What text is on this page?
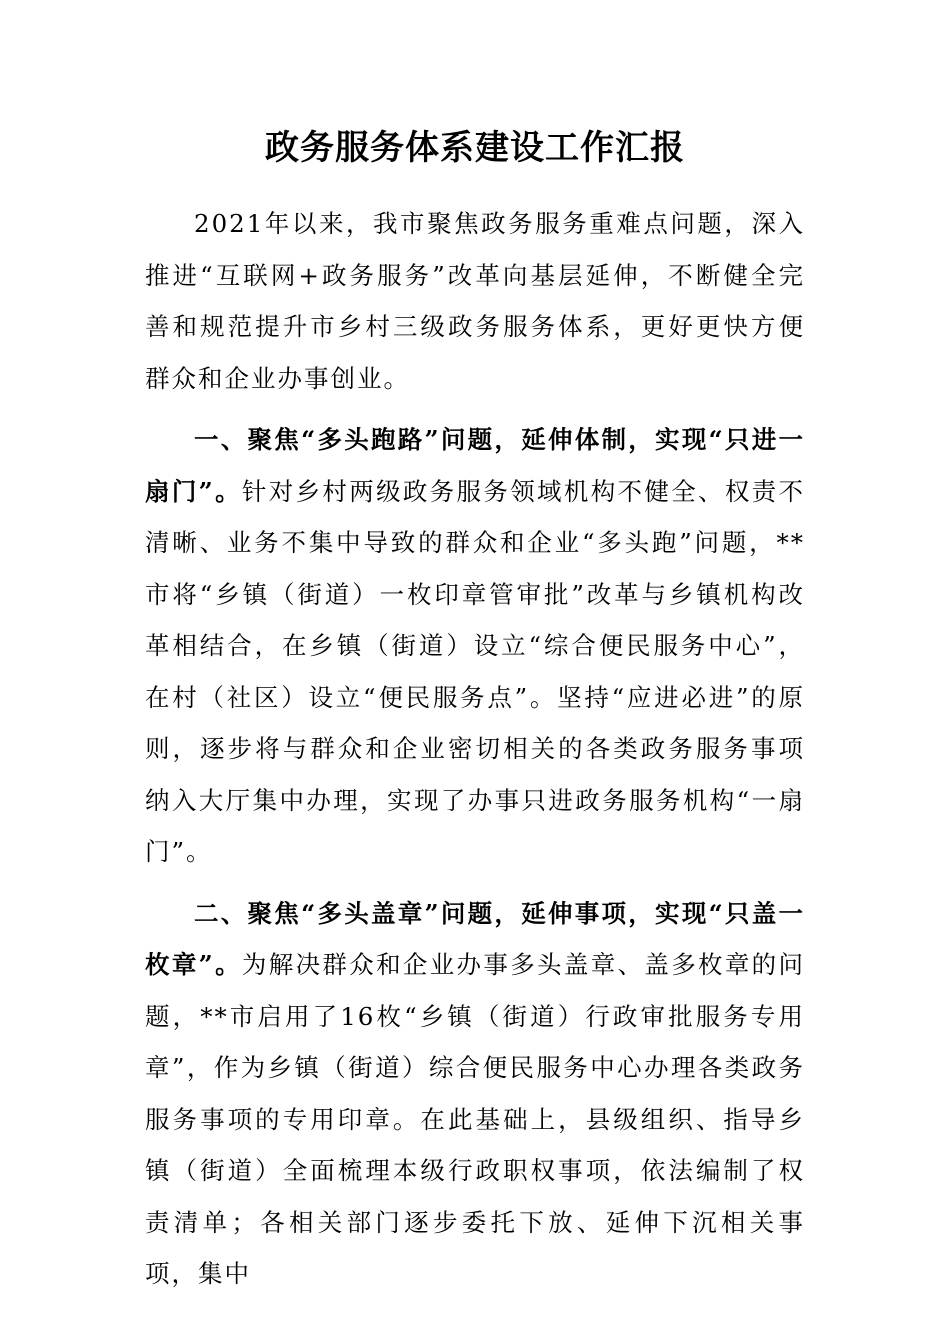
政务服务体系建设工作汇报

2021年以来，我市聚焦政务服务重难点问题，深入推进“互联网+政务服务”改革向基层延伸，不断健全完善和规范提升市乡村三级政务服务体系，更好更快方便群众和企业办事创业。

一、聚焦“多头跑路”问题，延伸体制，实现“只进一扇门”。针对乡村两级政务服务领域机构不健全、权责不清晰、业务不集中导致的群众和企业“多头跑”问题，**市将“乡镇（街道）一枚印章管审批”改革与乡镇机构改革相结合，在乡镇（街道）设立“综合便民服务中心”，在村（社区）设立“便民服务点”。坚持“应进必进”的原则，逐步将与群众和企业密切相关的各类政务服务事项纳入大厅集中办理，实现了办事只进政务服务机构“一扇门”。

二、聚焦“多头盖章”问题，延伸事项，实现“只盖一枚章”。为解决群众和企业办事多头盖章、盖多枚章的问题，**市启用了16枚“乡镇（街道）行政审批服务专用章”，作为乡镇（街道）综合便民服务中心办理各类政务服务事项的专用印章。在此基础上，县级组织、指导乡镇（街道）全面梳理本级行政职权事项，依法编制了权责清单；各相关部门逐步委托下放、延伸下沉相关事项，集中
